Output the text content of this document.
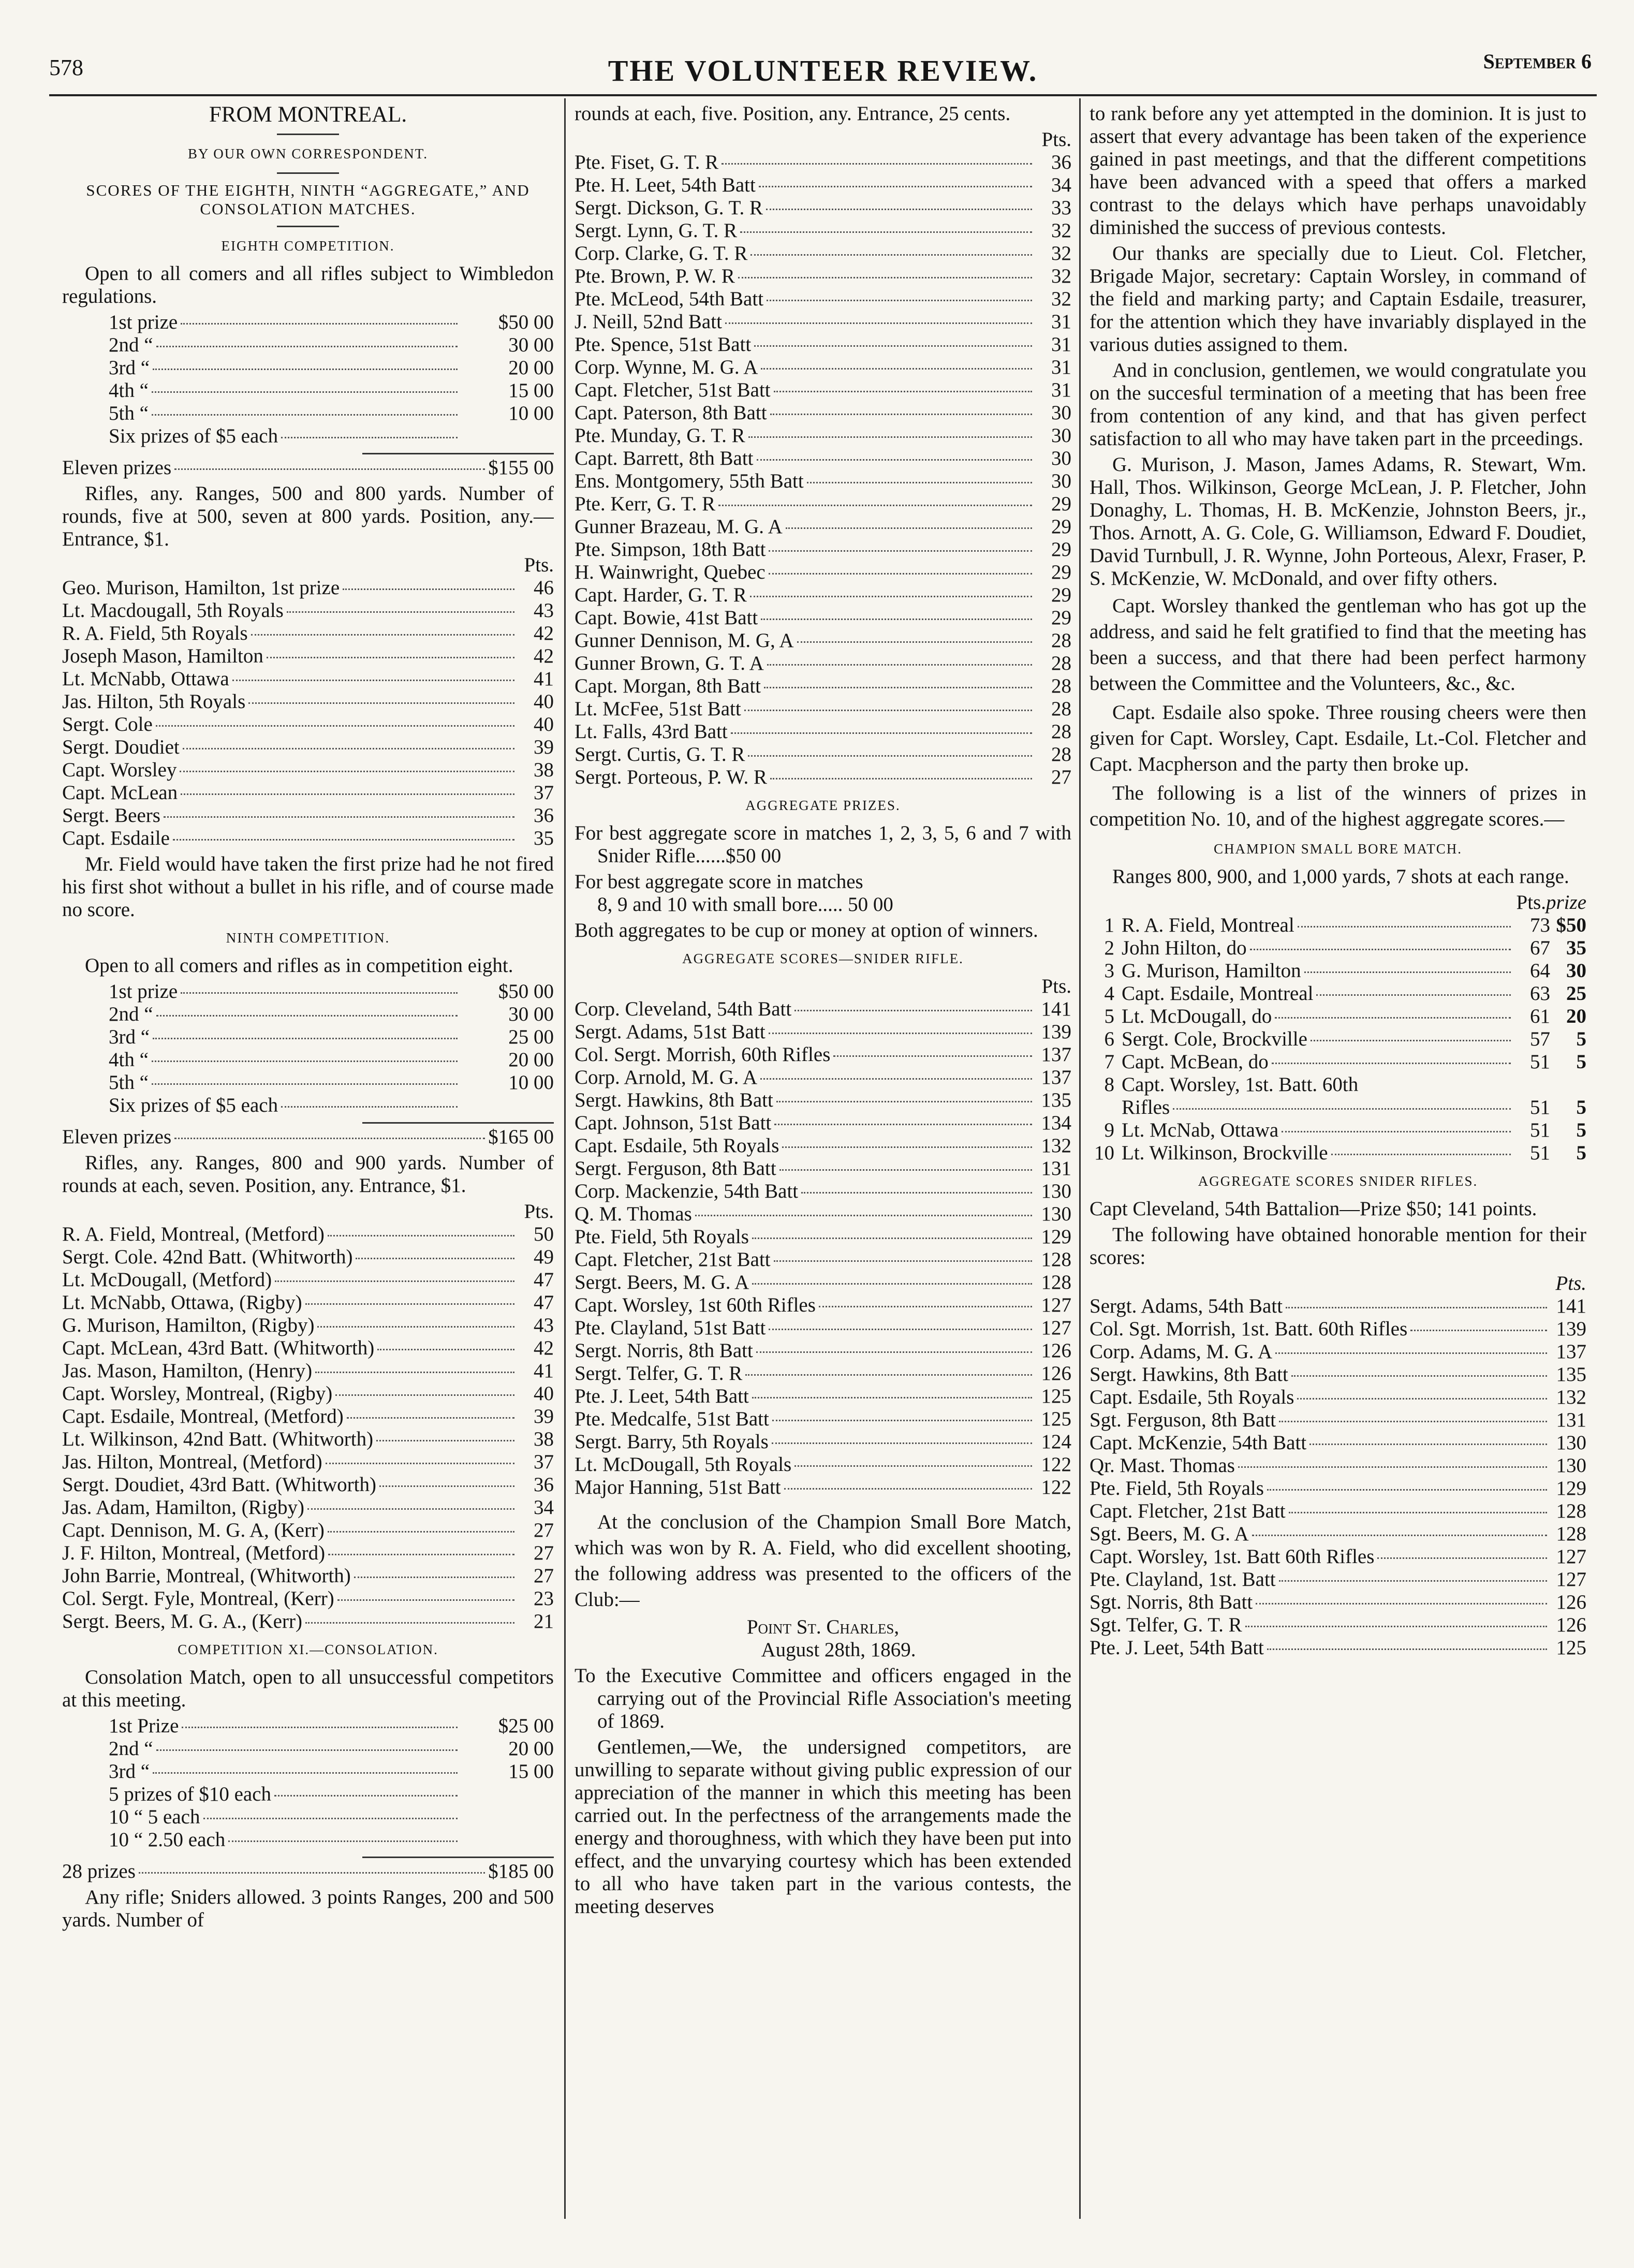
578	THE VOLUNTEER REVIEW.	September 6
FROM MONTREAL.
BY OUR OWN CORRESPONDENT.
SCORES OF THE EIGHTH, NINTH “AGGREGATE,” AND CONSOLATION MATCHES.
EIGHTH COMPETITION.
Open to all comers and all rifles subject to Wimbledon regulations.
1st prize	$50 00
2nd “	30 00
3rd “	20 00
4th “	15 00
5th “	10 00
Six prizes of $5 each
Eleven prizes	$155 00
Rifles, any. Ranges, 500 and 800 yards. Number of rounds, five at 500, seven at 800 yards. Position, any.—Entrance, $1.
Pts.
Geo. Murison, Hamilton, 1st prize	46
Lt. Macdougall, 5th Royals	43
R. A. Field, 5th Royals	42
Joseph Mason, Hamilton	42
Lt. McNabb, Ottawa	41
Jas. Hilton, 5th Royals	40
Sergt. Cole	40
Sergt. Doudiet	39
Capt. Worsley	38
Capt. McLean	37
Sergt. Beers	36
Capt. Esdaile	35
Mr. Field would have taken the first prize had he not fired his first shot without a bullet in his rifle, and of course made no score.
NINTH COMPETITION.
Open to all comers and rifles as in competition eight.
1st prize	$50 00
2nd “	30 00
3rd “	25 00
4th “	20 00
5th “	10 00
Six prizes of $5 each
Eleven prizes	$165 00
Rifles, any. Ranges, 800 and 900 yards. Number of rounds at each, seven. Position, any. Entrance, $1.
Pts.
R. A. Field, Montreal, (Metford)	50
Sergt. Cole. 42nd Batt. (Whitworth)	49
Lt. McDougall, (Metford)	47
Lt. McNabb, Ottawa, (Rigby)	47
G. Murison, Hamilton, (Rigby)	43
Capt. McLean, 43rd Batt. (Whitworth)	42
Jas. Mason, Hamilton, (Henry)	41
Capt. Worsley, Montreal, (Rigby)	40
Capt. Esdaile, Montreal, (Metford)	39
Lt. Wilkinson, 42nd Batt. (Whitworth)	38
Jas. Hilton, Montreal, (Metford)	37
Sergt. Doudiet, 43rd Batt. (Whitworth)	36
Jas. Adam, Hamilton, (Rigby)	34
Capt. Dennison, M. G. A, (Kerr)	27
J. F. Hilton, Montreal, (Metford)	27
John Barrie, Montreal, (Whitworth)	27
Col. Sergt. Fyle, Montreal, (Kerr)	23
Sergt. Beers, M. G. A., (Kerr)	21
COMPETITION XI.—CONSOLATION.
Consolation Match, open to all unsuccessful competitors at this meeting.
1st Prize	$25 00
2nd “	20 00
3rd “	15 00
5 prizes of $10 each
10 “ 5 each
10 “ 2.50 each
28 prizes	$185 00
Any rifle; Sniders allowed. 3 points Ranges, 200 and 500 yards. Number of
rounds at each, five. Position, any. Entrance, 25 cents.
Pts.
Pte. Fiset, G. T. R	36
Pte. H. Leet, 54th Batt	34
Sergt. Dickson, G. T. R	33
Sergt. Lynn, G. T. R	32
Corp. Clarke, G. T. R	32
Pte. Brown, P. W. R	32
Pte. McLeod, 54th Batt	32
J. Neill, 52nd Batt	31
Pte. Spence, 51st Batt	31
Corp. Wynne, M. G. A	31
Capt. Fletcher, 51st Batt	31
Capt. Paterson, 8th Batt	30
Pte. Munday, G. T. R	30
Capt. Barrett, 8th Batt	30
Ens. Montgomery, 55th Batt	30
Pte. Kerr, G. T. R	29
Gunner Brazeau, M. G. A	29
Pte. Simpson, 18th Batt	29
H. Wainwright, Quebec	29
Capt. Harder, G. T. R	29
Capt. Bowie, 41st Batt	29
Gunner Dennison, M. G, A	28
Gunner Brown, G. T. A	28
Capt. Morgan, 8th Batt	28
Lt. McFee, 51st Batt	28
Lt. Falls, 43rd Batt	28
Sergt. Curtis, G. T. R	28
Sergt. Porteous, P. W. R	27
AGGREGATE PRIZES.
For best aggregate score in matches 1, 2, 3, 5, 6 and 7 with Snider Rifle......$50 00
For best aggregate score in matches
8, 9 and 10 with small bore..... 50 00
Both aggregates to be cup or money at option of winners.
AGGREGATE SCORES—SNIDER RIFLE.
Pts.
Corp. Cleveland, 54th Batt	141
Sergt. Adams, 51st Batt	139
Col. Sergt. Morrish, 60th Rifles	137
Corp. Arnold, M. G. A	137
Sergt. Hawkins, 8th Batt	135
Capt. Johnson, 51st Batt	134
Capt. Esdaile, 5th Royals	132
Sergt. Ferguson, 8th Batt	131
Corp. Mackenzie, 54th Batt	130
Q. M. Thomas	130
Pte. Field, 5th Royals	129
Capt. Fletcher, 21st Batt	128
Sergt. Beers, M. G. A	128
Capt. Worsley, 1st 60th Rifles	127
Pte. Clayland, 51st Batt	127
Sergt. Norris, 8th Batt	126
Sergt. Telfer, G. T. R	126
Pte. J. Leet, 54th Batt	125
Pte. Medcalfe, 51st Batt	125
Sergt. Barry, 5th Royals	124
Lt. McDougall, 5th Royals	122
Major Hanning, 51st Batt	122
At the conclusion of the Champion Small Bore Match, which was won by R. A. Field, who did excellent shooting, the following address was presented to the officers of the Club:—
Point St. Charles,
August 28th, 1869.
To the Executive Committee and officers engaged in the carrying out of the Provincial Rifle Association's meeting of 1869.
Gentlemen,—We, the undersigned competitors, are unwilling to separate without giving public expression of our appreciation of the manner in which this meeting has been carried out. In the perfectness of the arrangements made the energy and thoroughness, with which they have been put into effect, and the unvarying courtesy which has been extended to all who have taken part in the various contests, the meeting deserves
to rank before any yet attempted in the dominion. It is just to assert that every advantage has been taken of the experience gained in past meetings, and that the different competitions have been advanced with a speed that offers a marked contrast to the delays which have perhaps unavoidably diminished the success of previous contests.
Our thanks are specially due to Lieut. Col. Fletcher, Brigade Major, secretary: Captain Worsley, in command of the field and marking party; and Captain Esdaile, treasurer, for the attention which they have invariably displayed in the various duties assigned to them.
And in conclusion, gentlemen, we would congratulate you on the succesful termination of a meeting that has been free from contention of any kind, and that has given perfect satisfaction to all who may have taken part in the prceedings.
G. Murison, J. Mason, James Adams, R. Stewart, Wm. Hall, Thos. Wilkinson, George McLean, J. P. Fletcher, John Donaghy, L. Thomas, H. B. McKenzie, Johnston Beers, jr., Thos. Arnott, A. G. Cole, G. Williamson, Edward F. Doudiet, David Turnbull, J. R. Wynne, John Porteous, Alexr, Fraser, P. S. McKenzie, W. McDonald, and over fifty others.
Capt. Worsley thanked the gentleman who has got up the address, and said he felt gratified to find that the meeting has been a success, and that there had been perfect harmony between the Committee and the Volunteers, &c., &c.
Capt. Esdaile also spoke. Three rousing cheers were then given for Capt. Worsley, Capt. Esdaile, Lt.-Col. Fletcher and Capt. Macpherson and the party then broke up.
The following is a list of the winners of prizes in competition No. 10, and of the highest aggregate scores.—
CHAMPION SMALL BORE MATCH.
Ranges 800, 900, and 1,000 yards, 7 shots at each range.
Pts. prize
1 R. A. Field, Montreal	73 $50
2 John Hilton, do	67 35
3 G. Murison, Hamilton	64 30
4 Capt. Esdaile, Montreal	63 25
5 Lt. McDougall, do	61 20
6 Sergt. Cole, Brockville	57	5
7 Capt. McBean, do	51	5
8 Capt. Worsley, 1st. Batt. 60th
Rifles	51	5
9 Lt. McNab, Ottawa	51	5
10 Lt. Wilkinson, Brockville	51	5
AGGREGATE SCORES SNIDER RIFLES.
Capt Cleveland, 54th Battalion—Prize $50; 141 points.
The following have obtained honorable mention for their scores:
Pts.
Sergt. Adams, 54th Batt	141
Col. Sgt. Morrish, 1st. Batt. 60th Rifles	139
Corp. Adams, M. G. A	137
Sergt. Hawkins, 8th Batt	135
Capt. Esdaile, 5th Royals	132
Sgt. Ferguson, 8th Batt	131
Capt. McKenzie, 54th Batt	130
Qr. Mast. Thomas	130
Pte. Field, 5th Royals	129
Capt. Fletcher, 21st Batt	128
Sgt. Beers, M. G. A	128
Capt. Worsley, 1st. Batt 60th Rifles	127
Pte. Clayland, 1st. Batt	127
Sgt. Norris, 8th Batt	126
Sgt. Telfer, G. T. R	126
Pte. J. Leet, 54th Batt	125
